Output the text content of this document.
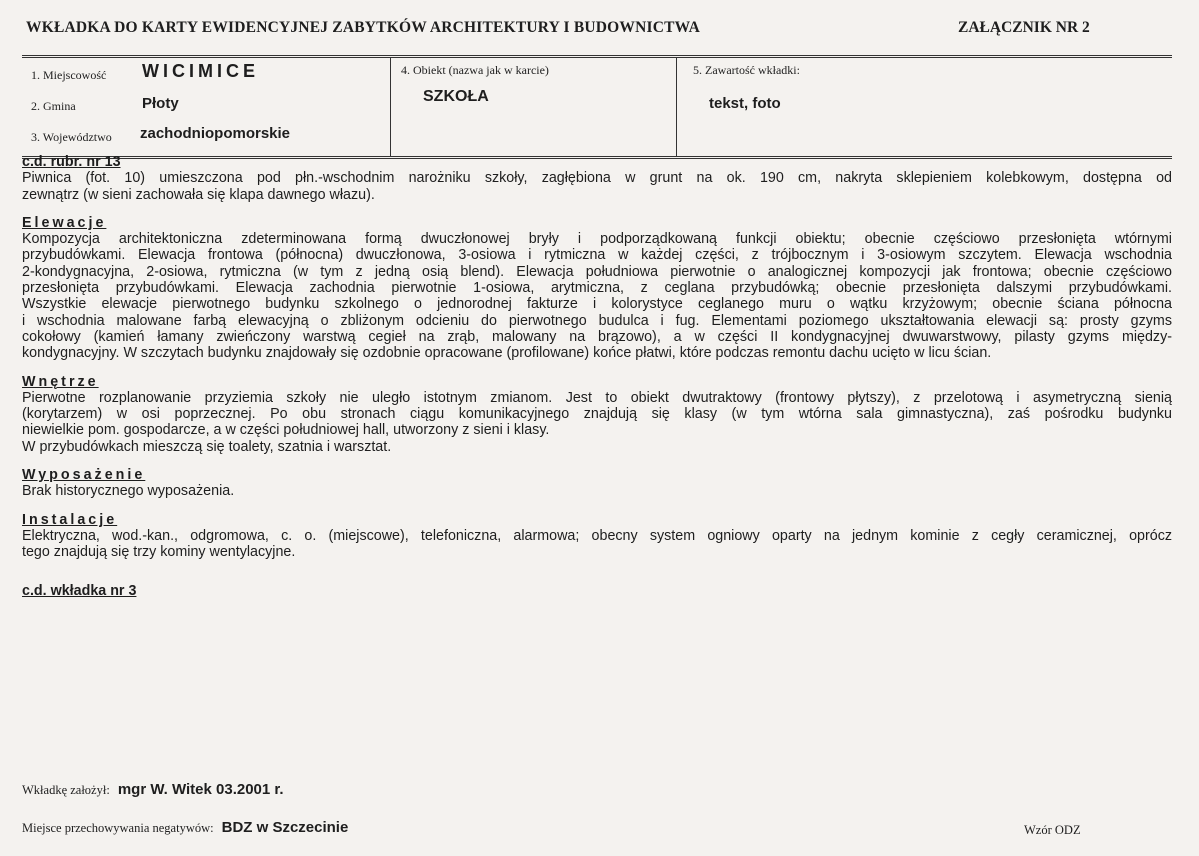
WKŁADKA DO KARTY EWIDENCYJNEJ ZABYTKÓW ARCHITEKTURY I BUDOWNICTWA	ZAŁĄCZNIK NR 2
1. Miejscowość WICIMICE
2. Gmina	Płoty
3. Województwo zachodniopomorskie
4. Obiekt (nazwa jak w karcie)
SZKOŁA
5. Zawartość wkładki:
tekst, foto
c.d. rubr. nr 13
Piwnica (fot. 10) umieszczona pod płn.-wschodnim narożniku szkoły, zagłębiona w grunt na ok. 190 cm, nakryta sklepieniem kolebkowym, dostępna od
zewnątrz (w sieni zachowała się klapa dawnego włazu).
Elewacje
Kompozycja architektoniczna zdeterminowana formą dwuczłonowej bryły i podporządkowaną funkcji obiektu; obecnie częściowo przesłonięta wtórnymi
przybudówkami. Elewacja frontowa (północna) dwuczłonowa, 3-osiowa i rytmiczna w każdej części, z trójbocznym i 3-osiowym szczytem. Elewacja wschodnia
2-kondygnacyjna, 2-osiowa, rytmiczna (w tym z jedną osią blend). Elewacja południowa pierwotnie o analogicznej kompozycji jak frontowa; obecnie częściowo
przesłonięta przybudówkami. Elewacja zachodnia pierwotnie 1-osiowa, arytmiczna, z ceglana przybudówką; obecnie przesłonięta dalszymi przybudówkami.
Wszystkie elewacje pierwotnego budynku szkolnego o jednorodnej fakturze i kolorystyce ceglanego muru o wątku krzyżowym; obecnie ściana północna
i wschodnia malowane farbą elewacyjną o zbliżonym odcieniu do pierwotnego budulca i fug. Elementami poziomego ukształtowania elewacji są: prosty gzyms
cokołowy (kamień łamany zwieńczony warstwą cegieł na zrąb, malowany na brązowo), a w części II kondygnacyjnej dwuwarstwowy, pilasty gzyms między-
kondygnacyjny. W szczytach budynku znajdowały się ozdobnie opracowane (profilowane) końce płatwi, które podczas remontu dachu ucięto w licu ścian.
Wnętrze
Pierwotne rozplanowanie przyziemia szkoły nie uległo istotnym zmianom. Jest to obiekt dwutraktowy (frontowy płytszy), z przelotową i asymetryczną sienią
(korytarzem) w osi poprzecznej. Po obu stronach ciągu komunikacyjnego znajdują się klasy (w tym wtórna sala gimnastyczna), zaś pośrodku budynku
niewielkie pom. gospodarcze, a w części południowej hall, utworzony z sieni i klasy.
W przybudówkach mieszczą się toalety, szatnia i warsztat.
Wyposażenie
Brak historycznego wyposażenia.
Instalacje
Elektryczna, wod.-kan., odgromowa, c. o. (miejscowe), telefoniczna, alarmowa; obecny system ogniowy oparty na jednym kominie z cegły ceramicznej, oprócz
tego znajdują się trzy kominy wentylacyjne.
c.d. wkładka nr 3
Wkładkę założył: mgr W. Witek 03.2001 r.
Miejsce przechowywania negatywów: BDZ w Szczecinie	Wzór ODZ
